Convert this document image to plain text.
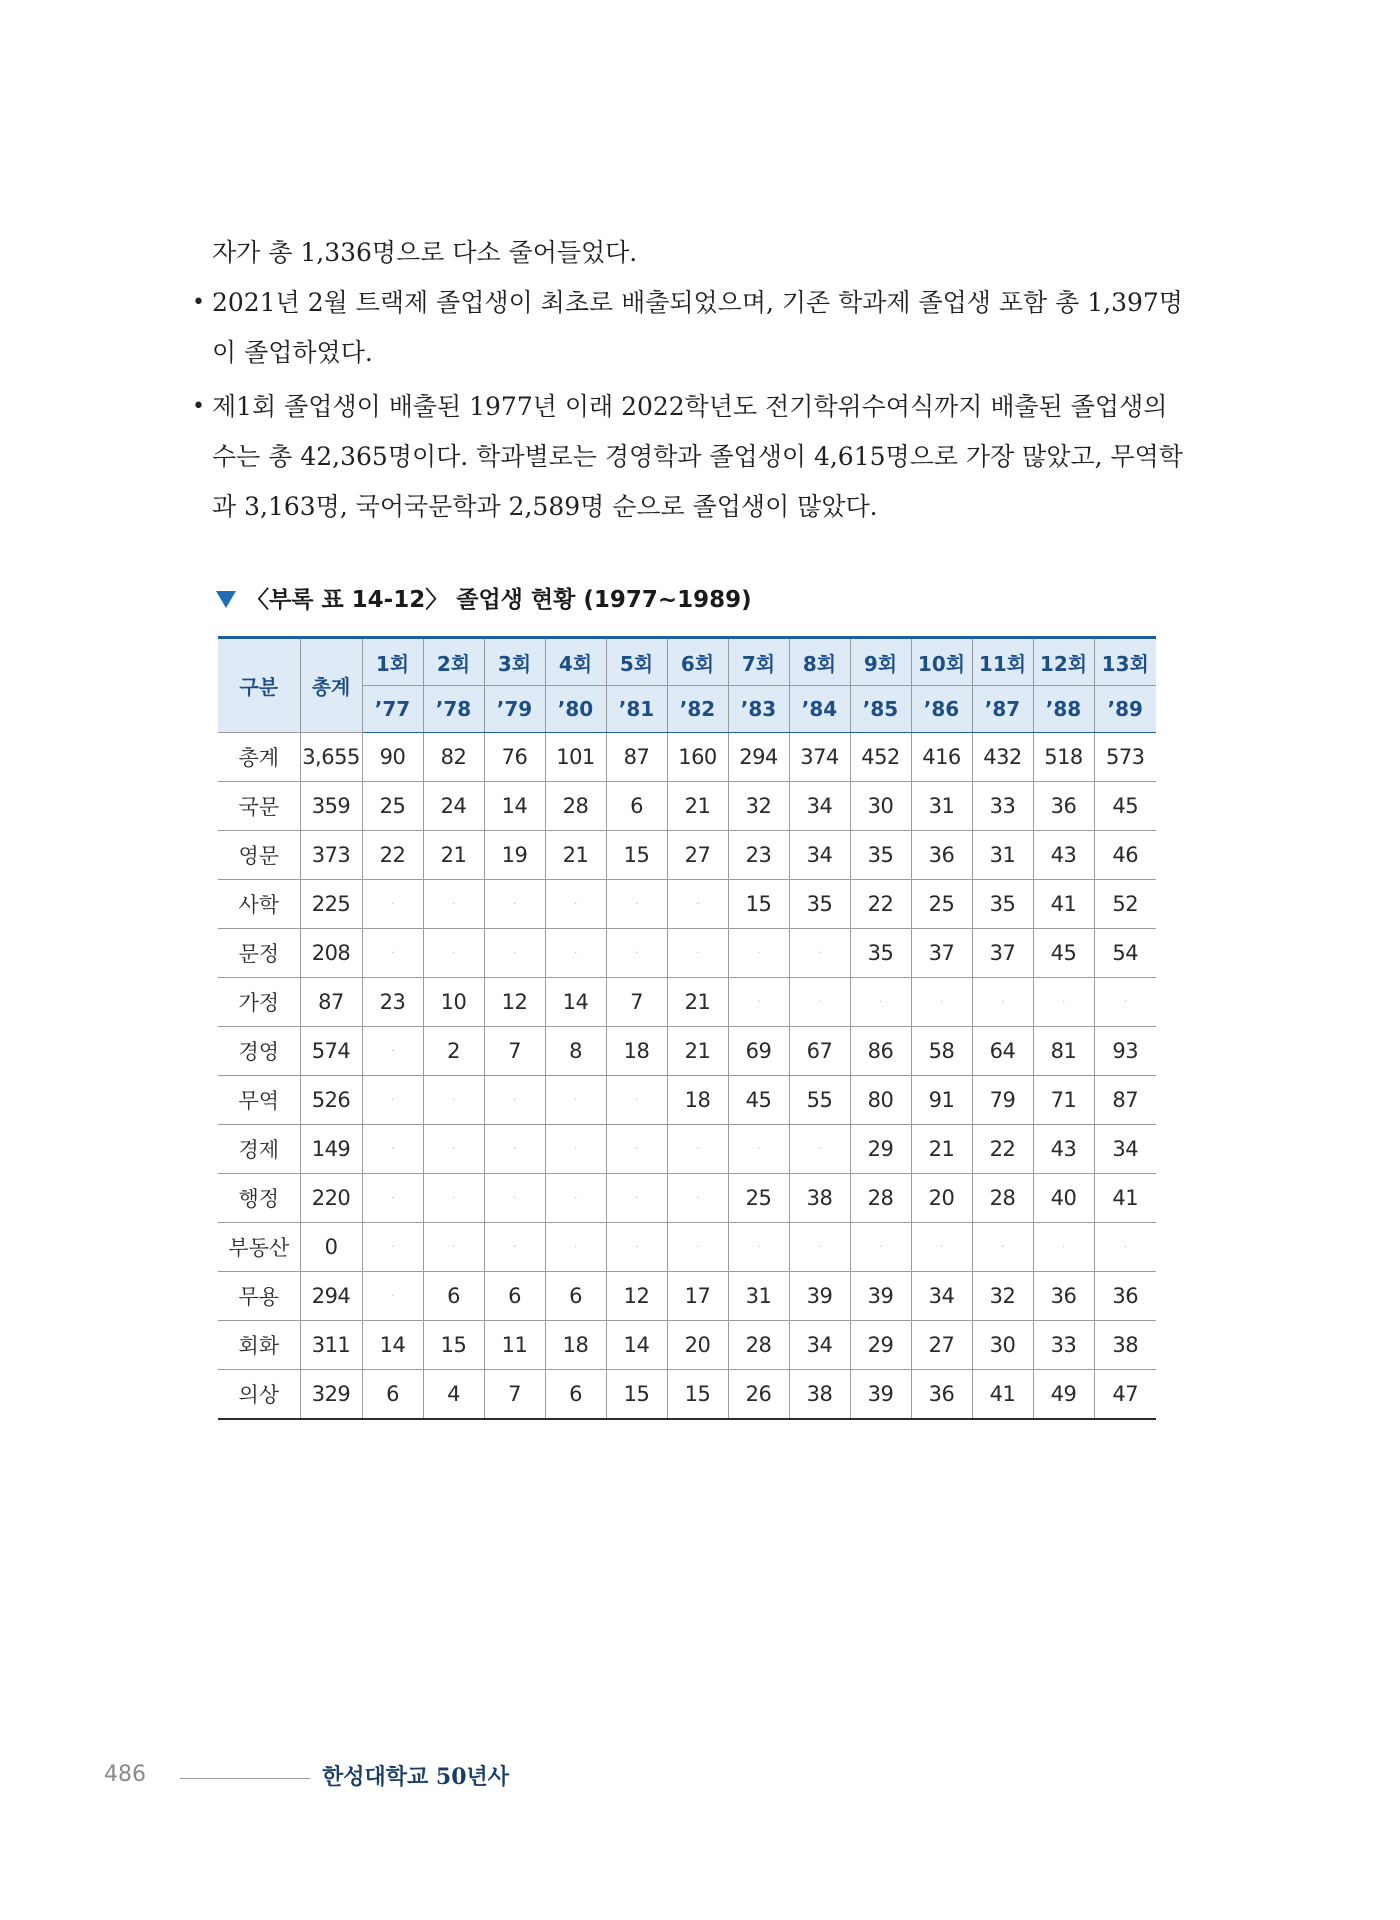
자가 총 1,336명으로 다소 줄어들었다.
• 2021년 2월 트랙제 졸업생이 최초로 배출되었으며, 기존 학과제 졸업생 포함 총 1,397명
이 졸업하였다.
• 제1회 졸업생이 배출된 1977년 이래 2022학년도 전기학위수여식까지 배출된 졸업생의
수는 총 42,365명이다. 학과별로는 경영학과 졸업생이 4,615명으로 가장 많았고, 무역학
과 3,163명, 국어국문학과 2,589명 순으로 졸업생이 많았다.
〈부록 표 14-12〉 졸업생 현황 (1977~1989)
구분	총계	1회	2회	3회	4회	5회	6회	7회	8회	9회	10회	11회	12회	13회
		’77	’78	’79	’80	’81	’82	’83	’84	’85	’86	’87	’88	’89
총계	3,655	90	82	76	101	87	160	294	374	452	416	432	518	573
국문	359	25	24	14	28	6	21	32	34	30	31	33	36	45
영문	373	22	21	19	21	15	27	23	34	35	36	31	43	46
사학	225	·	·	·	·	·	·	15	35	22	25	35	41	52
문정	208	·	·	·	·	·	·	·	·	35	37	37	45	54
가정	87	23	10	12	14	7	21	·	·	·	·	·	·	·
경영	574	·	2	7	8	18	21	69	67	86	58	64	81	93
무역	526	·	·	·	·	·	18	45	55	80	91	79	71	87
경제	149	·	·	·	·	·	·	·	·	29	21	22	43	34
행정	220	·	·	·	·	·	·	25	38	28	20	28	40	41
부동산	0	·	·	·	·	·	·	·	·	·	·	·	·	·
무용	294	·	6	6	6	12	17	31	39	39	34	32	36	36
회화	311	14	15	11	18	14	20	28	34	29	27	30	33	38
의상	329	6	4	7	6	15	15	26	38	39	36	41	49	47
486	한성대학교 50년사
